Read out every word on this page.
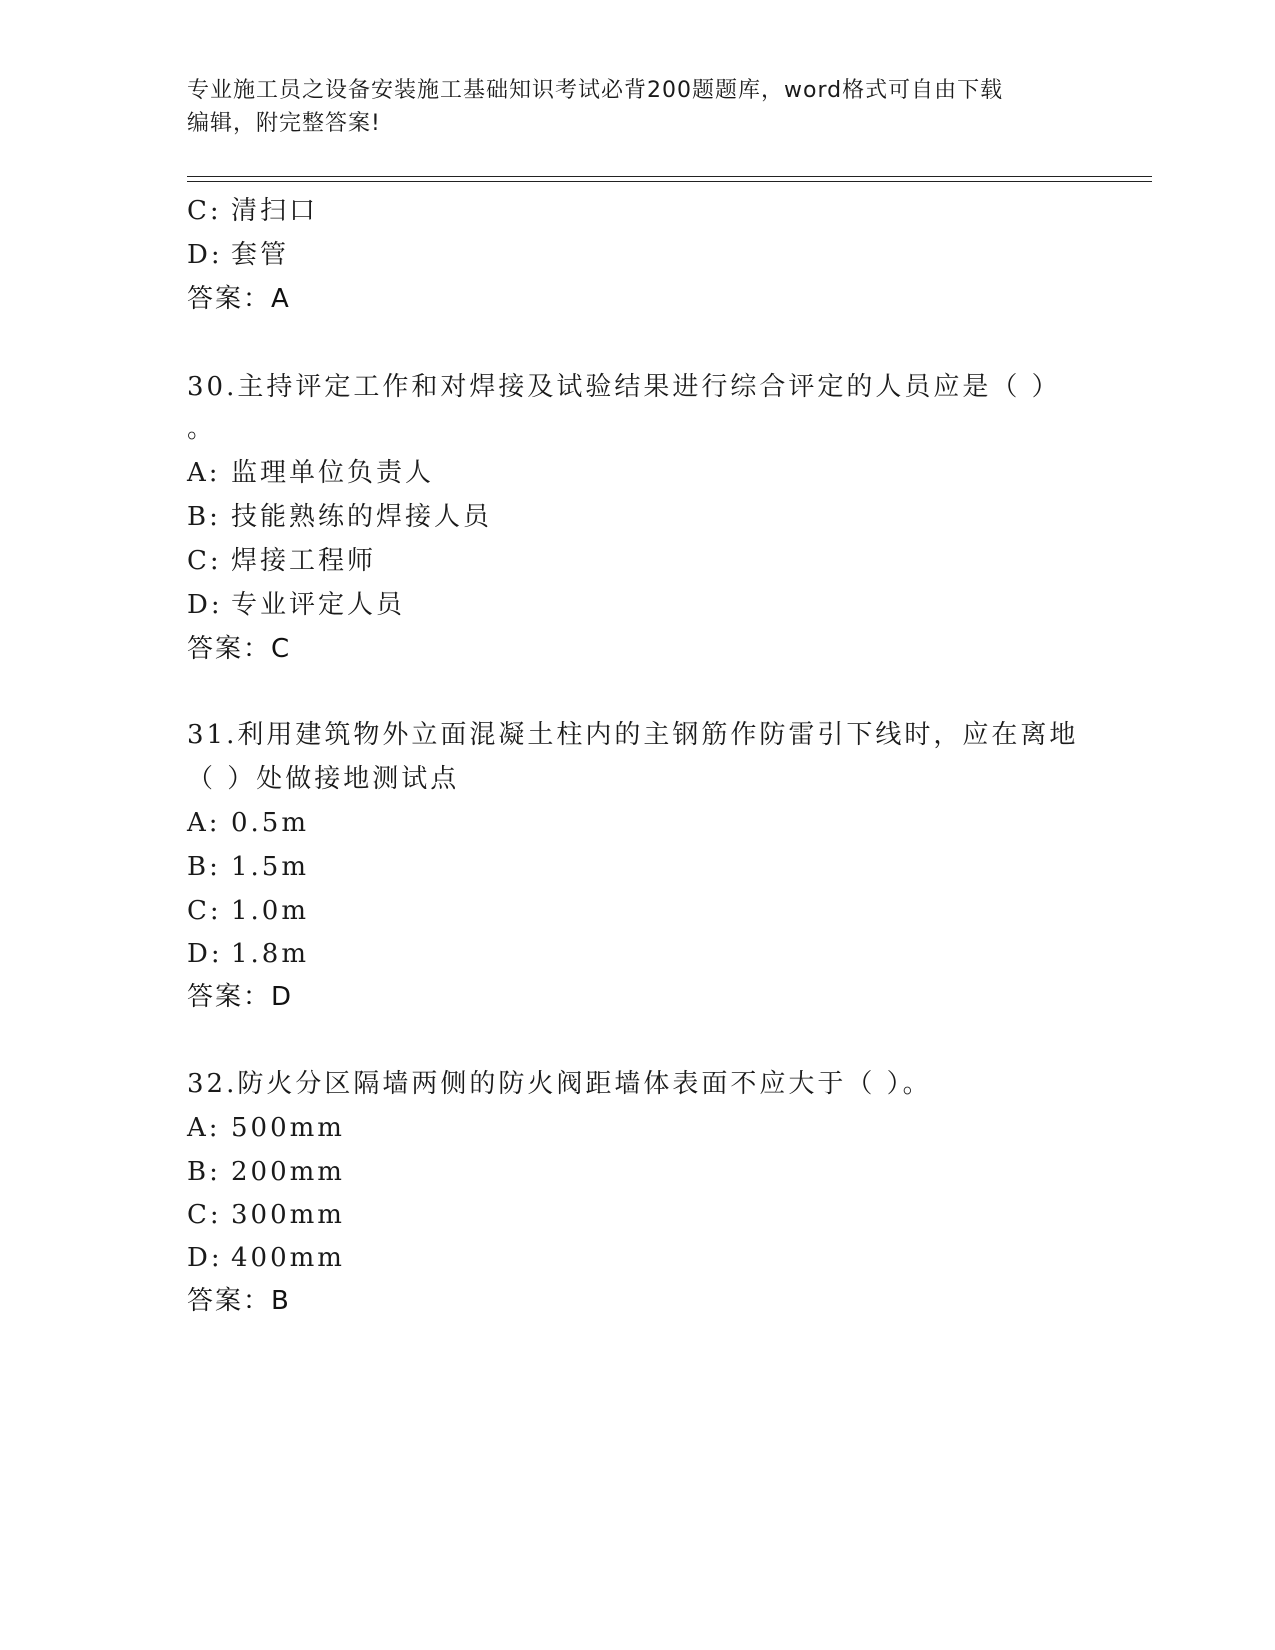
专业施工员之设备安装施工基础知识考试必背200题题库，word格式可自由下载
编辑，附完整答案!
C: 清扫口
D: 套管
答案：A
30.主持评定工作和对焊接及试验结果进行综合评定的人员应是（ ）
。
A: 监理单位负责人
B: 技能熟练的焊接人员
C: 焊接工程师
D: 专业评定人员
答案：C
31.利用建筑物外立面混凝土柱内的主钢筋作防雷引下线时，应在离地
（ ）处做接地测试点
A: 0.5m
B: 1.5m
C: 1.0m
D: 1.8m
答案：D
32.防火分区隔墙两侧的防火阀距墙体表面不应大于（ ）。
A: 500mm
B: 200mm
C: 300mm
D: 400mm
答案：B
